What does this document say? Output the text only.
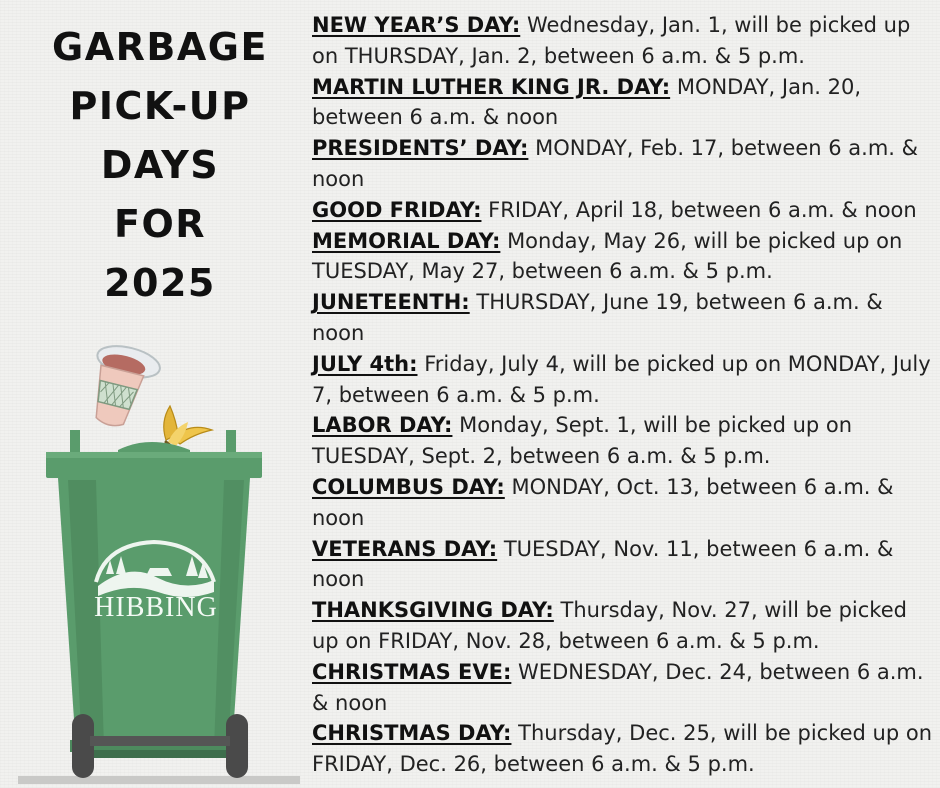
GARBAGE
PICK-UP
DAYS
FOR
2025
HIBBING

NEW YEAR’S DAY: Wednesday, Jan. 1, will be picked up on THURSDAY, Jan. 2, between 6 a.m. & 5 p.m.

MARTIN LUTHER KING JR. DAY: MONDAY, Jan. 20, between 6 a.m. & noon

PRESIDENTS’ DAY: MONDAY, Feb. 17, between 6 a.m. & noon

GOOD FRIDAY: FRIDAY, April 18, between 6 a.m. & noon

MEMORIAL DAY: Monday, May 26, will be picked up on TUESDAY, May 27, between 6 a.m. & 5 p.m.

JUNETEENTH: THURSDAY, June 19, between 6 a.m. & noon

JULY 4th: Friday, July 4, will be picked up on MONDAY, July 7, between 6 a.m. & 5 p.m.

LABOR DAY: Monday, Sept. 1, will be picked up on TUESDAY, Sept. 2, between 6 a.m. & 5 p.m.

COLUMBUS DAY: MONDAY, Oct. 13, between 6 a.m. & noon

VETERANS DAY: TUESDAY, Nov. 11, between 6 a.m. & noon

THANKSGIVING DAY: Thursday, Nov. 27, will be picked up on FRIDAY, Nov. 28, between 6 a.m. & 5 p.m.

CHRISTMAS EVE: WEDNESDAY, Dec. 24, between 6 a.m. & noon

CHRISTMAS DAY: Thursday, Dec. 25, will be picked up on FRIDAY, Dec. 26, between 6 a.m. & 5 p.m.
